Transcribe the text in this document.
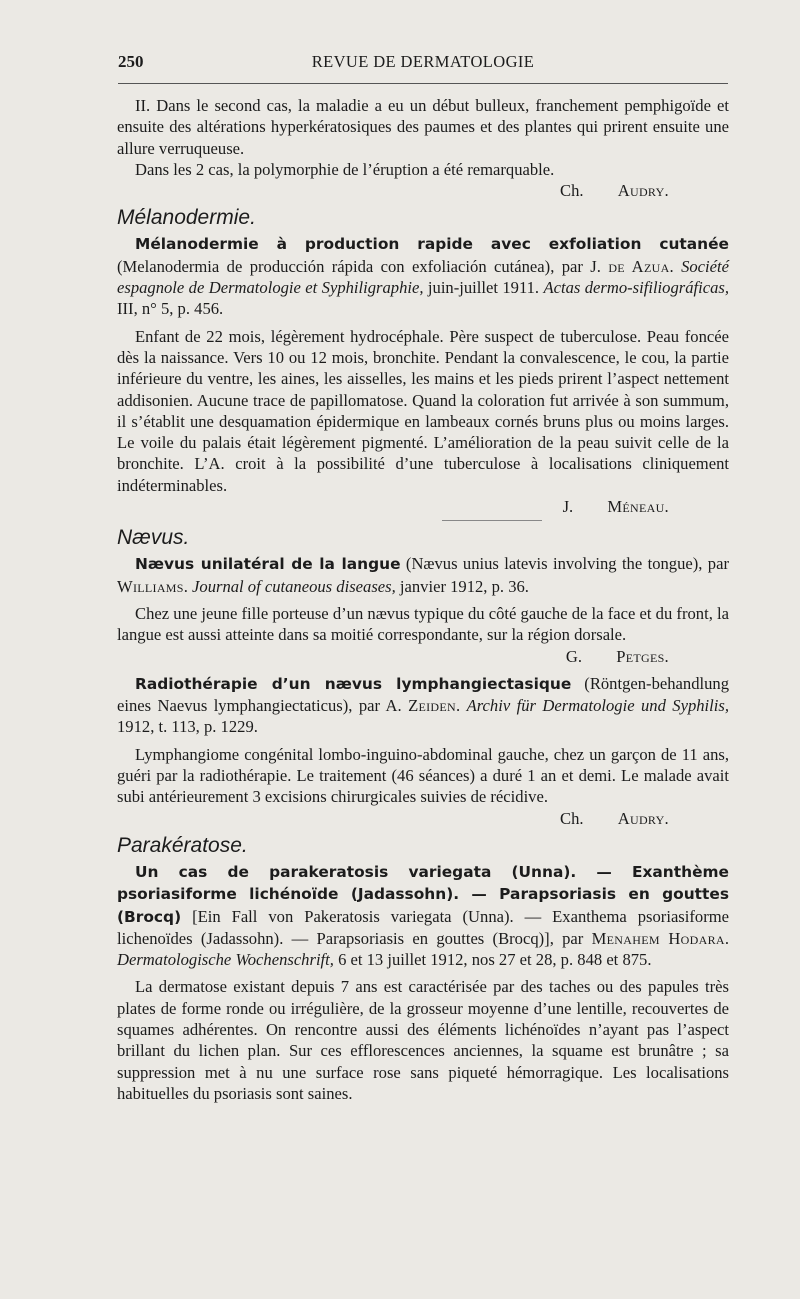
250	REVUE DE DERMATOLOGIE

II. Dans le second cas, la maladie a eu un début bulleux, franchement pemphigoïde et ensuite des altérations hyperkératosiques des paumes et des plantes qui prirent ensuite une allure verruqueuse.

Dans les 2 cas, la polymorphie de l’éruption a été remarquable.

Ch. Audry.

Mélanodermie.

Mélanodermie à production rapide avec exfoliation cutanée (Melanodermia de producción rápida con exfoliación cutánea), par J. de Azua. Société espagnole de Dermatologie et Syphiligraphie, juin-juillet 1911. Actas dermo-sifiliográficas, III, n° 5, p. 456.

Enfant de 22 mois, légèrement hydrocéphale. Père suspect de tuberculose. Peau foncée dès la naissance. Vers 10 ou 12 mois, bronchite. Pendant la convalescence, le cou, la partie inférieure du ventre, les aines, les aisselles, les mains et les pieds prirent l’aspect nettement addisonien. Aucune trace de papillomatose. Quand la coloration fut arrivée à son summum, il s’établit une desquamation épidermique en lambeaux cornés bruns plus ou moins larges. Le voile du palais était légèrement pigmenté. L’amélioration de la peau suivit celle de la bronchite. L’A. croit à la possibilité d’une tuberculose à localisations cliniquement indéterminables.

J. Méneau.

Nævus.

Nævus unilatéral de la langue (Nævus unius latevis involving the tongue), par Williams. Journal of cutaneous diseases, janvier 1912, p. 36.

Chez une jeune fille porteuse d’un nævus typique du côté gauche de la face et du front, la langue est aussi atteinte dans sa moitié correspondante, sur la région dorsale.

G. Petges.

Radiothérapie d’un nævus lymphangiectasique (Röntgen-behandlung eines Naevus lymphangiectaticus), par A. Zeiden. Archiv für Dermatologie und Syphilis, 1912, t. 113, p. 1229.

Lymphangiome congénital lombo-inguino-abdominal gauche, chez un garçon de 11 ans, guéri par la radiothérapie. Le traitement (46 séances) a duré 1 an et demi. Le malade avait subi antérieurement 3 excisions chirurgicales suivies de récidive.

Ch. Audry.

Parakératose.

Un cas de parakeratosis variegata (Unna). — Exanthème psoriasiforme lichénoïde (Jadassohn). — Parapsoriasis en gouttes (Brocq) [Ein Fall von Pakeratosis variegata (Unna). — Exanthema psoriasiforme lichenoïdes (Jadassohn). — Parapsoriasis en gouttes (Brocq)], par Menahem Hodara. Dermatologische Wochenschrift, 6 et 13 juillet 1912, nos 27 et 28, p. 848 et 875.

La dermatose existant depuis 7 ans est caractérisée par des taches ou des papules très plates de forme ronde ou irrégulière, de la grosseur moyenne d’une lentille, recouvertes de squames adhérentes. On rencontre aussi des éléments lichénoïdes n’ayant pas l’aspect brillant du lichen plan. Sur ces efflorescences anciennes, la squame est brunâtre ; sa suppression met à nu une surface rose sans piqueté hémorragique. Les localisations habituelles du psoriasis sont saines.
